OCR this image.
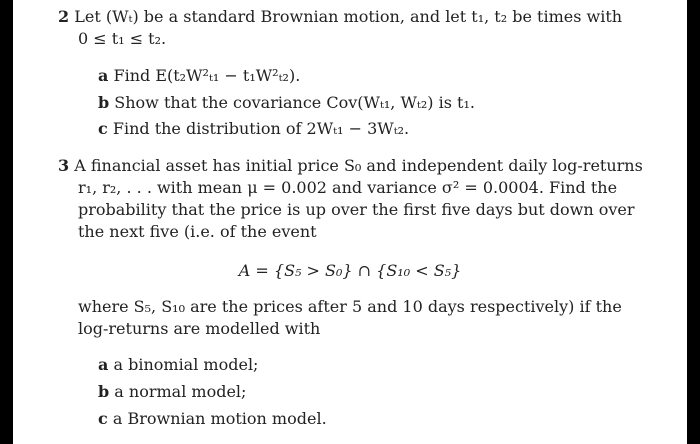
2 Let (Wₜ) be a standard Brownian motion, and let t₁, t₂ be times with
0 ≤ t₁ ≤ t₂.
a Find E(t₂W²ₜ₁ − t₁W²ₜ₂).
b Show that the covariance Cov(Wₜ₁, Wₜ₂) is t₁.
c Find the distribution of 2Wₜ₁ − 3Wₜ₂.
3 A financial asset has initial price S₀ and independent daily log-returns
r₁, r₂, . . . with mean μ = 0.002 and variance σ² = 0.0004. Find the
probability that the price is up over the first five days but down over
the next five (i.e. of the event
A = {S₅ > S₀} ∩ {S₁₀ < S₅}
where S₅, S₁₀ are the prices after 5 and 10 days respectively) if the
log-returns are modelled with
a a binomial model;
b a normal model;
c a Brownian motion model.
